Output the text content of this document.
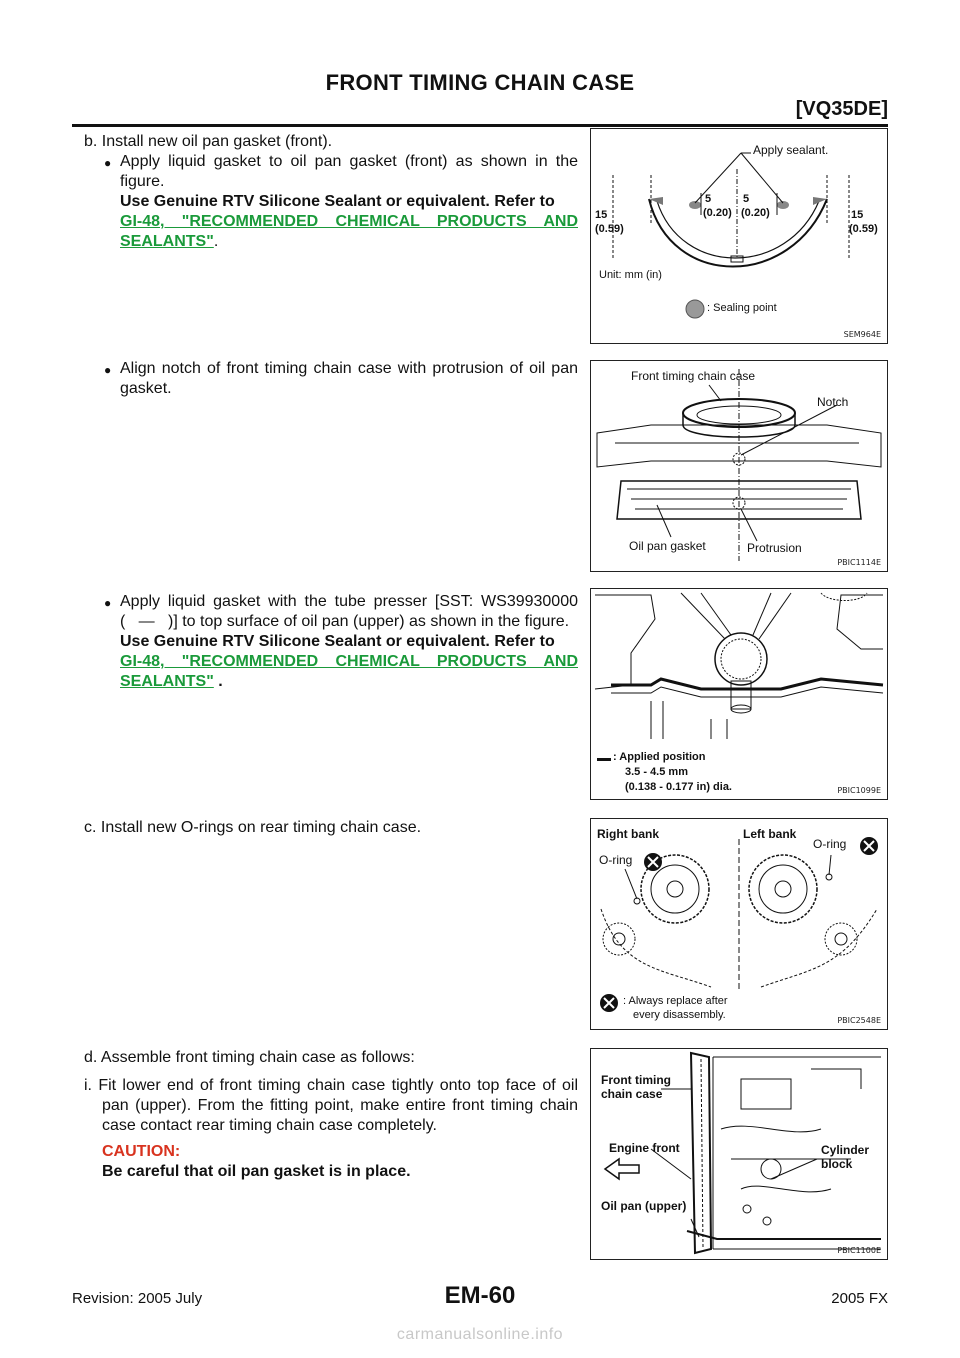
FRONT TIMING CHAIN CASE
[VQ35DE]
b. Install new oil pan gasket (front).
● Apply liquid gasket to oil pan gasket (front) as shown in the figure.
Use Genuine RTV Silicone Sealant or equivalent. Refer to
GI-48, "RECOMMENDED CHEMICAL PRODUCTS AND SEALANTS".
● Align notch of front timing chain case with protrusion of oil pan gasket.
● Apply liquid gasket with the tube presser [SST: WS39930000 (   —   )] to top surface of oil pan (upper) as shown in the figure.
Use Genuine RTV Silicone Sealant or equivalent. Refer to
GI-48, "RECOMMENDED CHEMICAL PRODUCTS AND SEALANTS" .
c. Install new O-rings on rear timing chain case.
d. Assemble front timing chain case as follows:
i. Fit lower end of front timing chain case tightly onto top face of oil pan (upper). From the fitting point, make entire front timing chain case contact rear timing chain case completely.
CAUTION:
Be careful that oil pan gasket is in place.
Apply sealant.
15
(0.59)
5
(0.20)
5
(0.20)	15
(0.59)
Unit: mm (in)
: Sealing point
SEM964E
Front timing chain case
Notch
Oil pan gasket	Protrusion
PBIC1114E
: Applied position
3.5 - 4.5 mm
(0.138 - 0.177 in) dia.	PBIC1099E
Right bank	Left bank
O-ring
O-ring
: Always replace after
every disassembly.	PBIC2548E
Front timing
chain case
Engine front	Cylinder
block
Oil pan (upper)
PBIC1100E
EM-60
Revision: 2005 July	2005 FX
carmanualsonline.info
